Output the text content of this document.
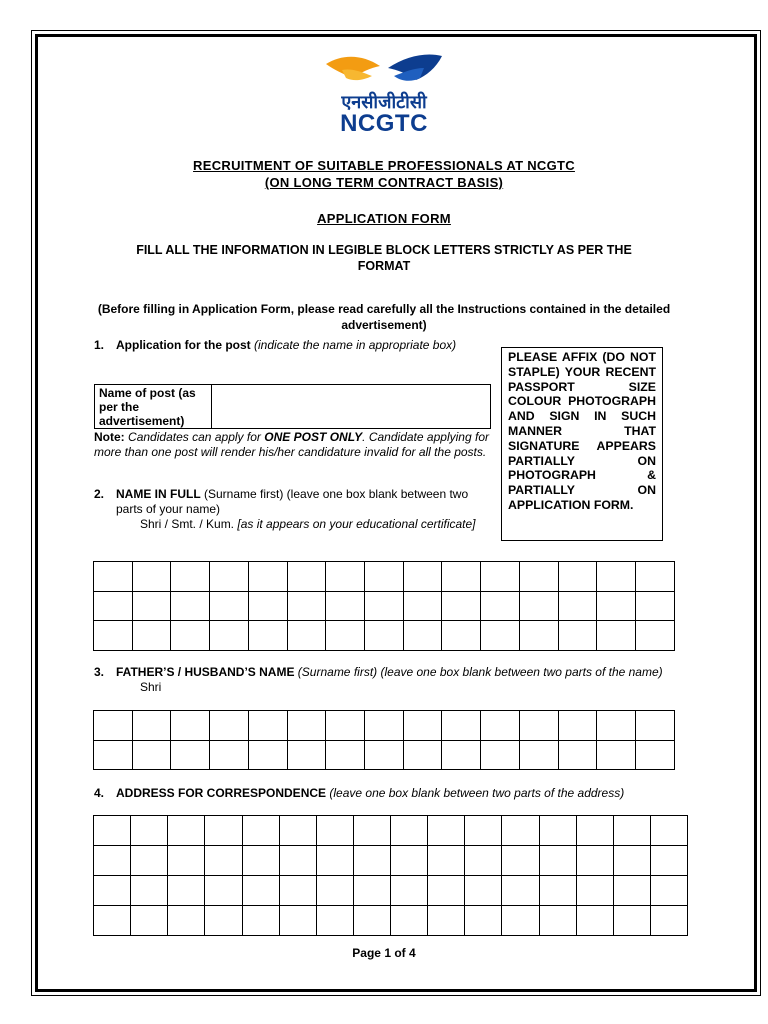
एनसीजीटीसी
NCGTC
RECRUITMENT OF SUITABLE PROFESSIONALS AT NCGTC
(ON LONG TERM CONTRACT BASIS)
APPLICATION FORM
FILL ALL THE INFORMATION IN LEGIBLE BLOCK LETTERS STRICTLY AS PER THE FORMAT
(Before filling in Application Form, please read carefully all the Instructions contained in the detailed advertisement)
PLEASE AFFIX (DO NOT STAPLE) YOUR RECENT PASSPORT SIZE COLOUR PHOTOGRAPH AND SIGN IN SUCH MANNER THAT SIGNATURE APPEARS PARTIALLY ON PHOTOGRAPH & PARTIALLY ON APPLICATION FORM.
1. Application for the post (indicate the name in appropriate box)
Name of post (as per the advertisement)
Note: Candidates can apply for ONE POST ONLY. Candidate applying for more than one post will render his/her candidature invalid for all the posts.
2. NAME IN FULL (Surname first) (leave one box blank between two parts of your name)
Shri / Smt. / Kum. [as it appears on your educational certificate]

3. FATHER’S / HUSBAND’S NAME (Surname first) (leave one box blank between two parts of the name)
Shri

4. ADDRESS FOR CORRESPONDENCE (leave one box blank between two parts of the address)

Page 1 of 4
